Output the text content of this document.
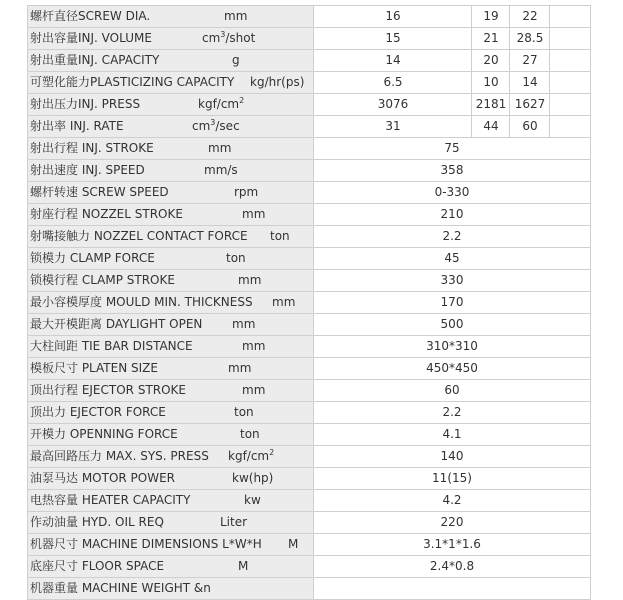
螺杆直径SCREW DIA.	mm	16	19	22
射出容量INJ. VOLUME	$cm^3$/shot	15	21	28.5
射出重量INJ. CAPACITY	g	14	20	27
可塑化能力PLASTICIZING CAPACITY kg/hr(ps)	6.5	10	14
射出压力INJ. PRESS	kgf/$cm^2$	3076	2181 1627
射出率 INJ. RATE	$cm^3/\sec$	31	44	60
射出行程 INJ. STROKE	mm	75
射出速度 INJ. SPEED	mm/s	358
螺杆转速 SCREW SPEED	rpm	0-330
射座行程 NOZZEL STROKE	mm	210
射嘴接触力 NOZZEL CONTACT FORCE ton	2.2
锁模力 CLAMP FORCE	ton	45
锁模行程 CLAMP STROKE	mm	330
最小容模厚度 MOULD MIN. THICKNESS mm	170
最大开模距离 DAYLIGHT OPEN mm	500
大柱间距 TIE BAR DISTANCE	mm	310*310
模板尺寸 PLATEN SIZE	mm	450*450
顶出行程 EJECTOR STROKE	mm	60
顶出力 EJECTOR FORCE	ton	2.2
开模力 OPENNING FORCE	ton	4.1
最高回路压力 MAX. SYS. PRESS kgf/$cm^2$	140
油泵马达 MOTOR POWER	kw(hp)	11(15)
电热容量 HEATER CAPACITY	kw	4.2
作动油量 HYD. OIL REQ	Liter	220
机器尺寸 MACHINE DIMENSIONS L*W*H M	3.1*1*1.6
底座尺寸 FLOOR SPACE	M	2.4*0.8
机器重量 MACHINE WEIGHT &n
